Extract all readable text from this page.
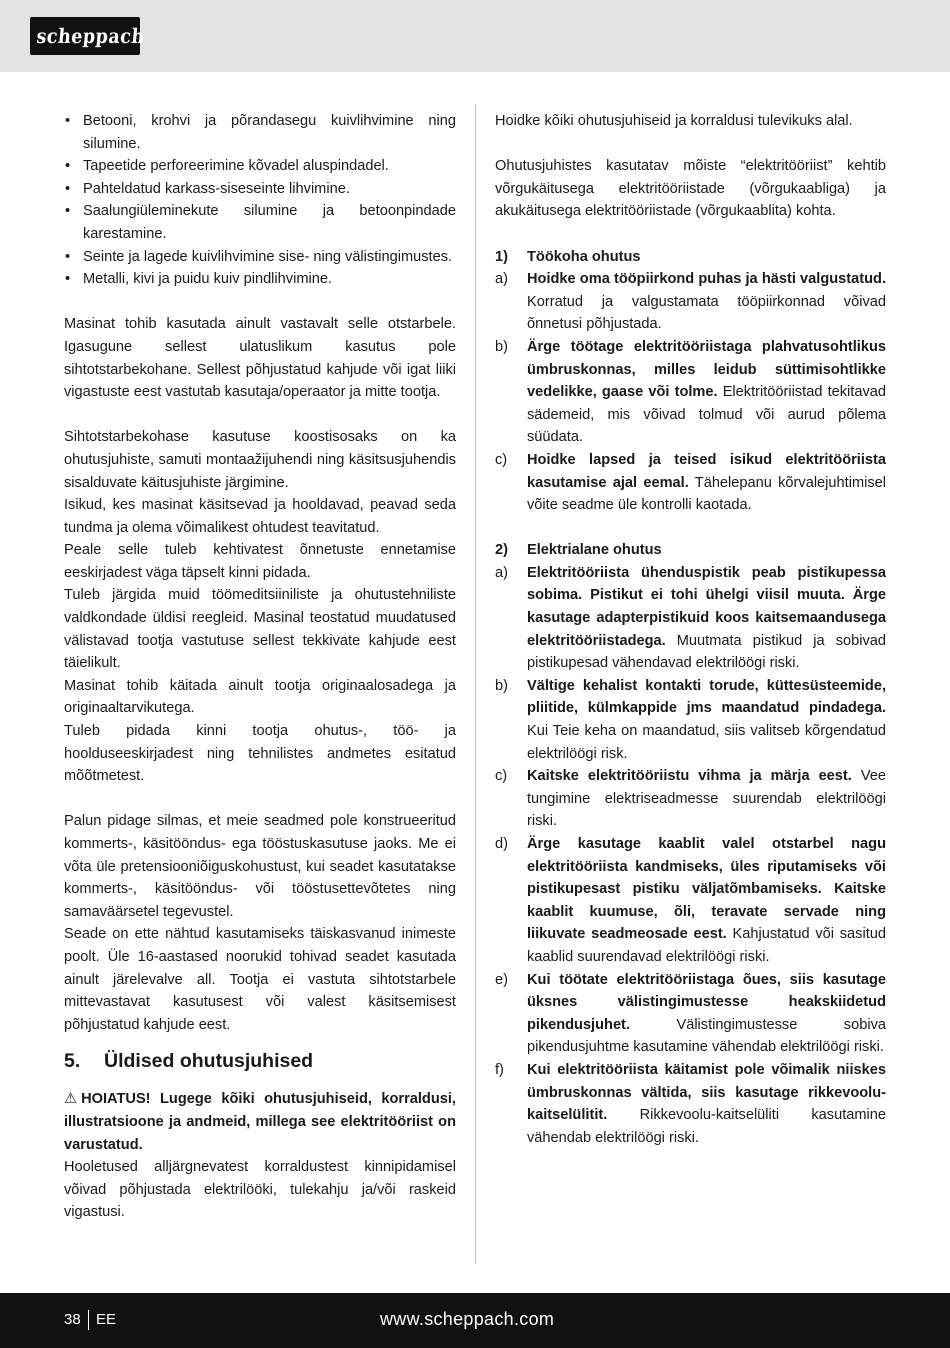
scheppach
• Betooni, krohvi ja põrandasegu kuivlihvimine ning silumine.
• Tapeetide perforeerimine kõvadel aluspindadel.
• Pahteldatud karkass-siseseinte lihvimine.
• Saalungiüleminekute silumine ja betoonpindade karestamine.
• Seinte ja lagede kuivlihvimine sise- ning välistingimustes.
• Metalli, kivi ja puidu kuiv pindlihvimine.

Masinat tohib kasutada ainult vastavalt selle otstarbele. Igasugune sellest ulatuslikum kasutus pole sihtotstarbekohane. Sellest põhjustatud kahjude või igat liiki vigastuste eest vastutab kasutaja/operaator ja mitte tootja.

Sihtotstarbekohase kasutuse koostisosaks on ka ohutusjuhiste, samuti montaažijuhendi ning käsitsusjuhendis sisalduvate käitusjuhiste järgimine.

Isikud, kes masinat käsitsevad ja hooldavad, peavad seda tundma ja olema võimalikest ohtudest teavitatud.

Peale selle tuleb kehtivatest õnnetuste ennetamise eeskirjadest väga täpselt kinni pidada.

Tuleb järgida muid töömeditsiiniliste ja ohutustehniliste valdkondade üldisi reegleid. Masinal teostatud muudatused välistavad tootja vastutuse sellest tekkivate kahjude eest täielikult.

Masinat tohib käitada ainult tootja originaalosadega ja originaaltarvikutega.

Tuleb pidada kinni tootja ohutus-, töö- ja hoolduseeskirjadest ning tehnilistes andmetes esitatud mõõtmetest.

Palun pidage silmas, et meie seadmed pole konstrueeritud kommerts-, käsitööndus- ega tööstuskasutuse jaoks. Me ei võta üle pretensiooniõiguskohustust, kui seadet kasutatakse kommerts-, käsitööndus- või tööstusettevõtetes ning samaväärsetel tegevustel.

Seade on ette nähtud kasutamiseks täiskasvanud inimeste poolt. Üle 16-aastased noorukid tohivad seadet kasutada ainult järelevalve all. Tootja ei vastuta sihtotstarbele mittevastavat kasutusest või valest käsitsemisest põhjustatud kahjude eest.

5.	Üldised ohutusjuhised

⚠ HOIATUS! Lugege kõiki ohutusjuhiseid, korraldusi, illustratsioone ja andmeid, millega see elektritööriist on varustatud.

Hooletused alljärgnevatest korraldustest kinnipidamisel võivad põhjustada elektrilööki, tulekahju ja/või raskeid vigastusi.

Hoidke kõiki ohutusjuhiseid ja korraldusi tulevikuks alal.

Ohutusjuhistes kasutatav mõiste “elektritööriist” kehtib võrgukäitusega elektritööriistade (võrgukaabliga) ja akukäitusega elektritööriistade (võrgukaablita) kohta.

1)	Töökoha ohutus
a)	Hoidke oma tööpiirkond puhas ja hästi valgustatud. Korratud ja valgustamata tööpiirkonnad võivad õnnetusi põhjustada.
b)	Ärge töötage elektritööriistaga plahvatusohtlikus ümbruskonnas, milles leidub süttimisohtlikke vedelikke, gaase või tolme. Elektritööriistad tekitavad sädemeid, mis võivad tolmud või aurud põlema süüdata.
c)	Hoidke lapsed ja teised isikud elektritööriista kasutamise ajal eemal. Tähelepanu kõrvalejuhtimisel võite seadme üle kontrolli kaotada.
2)	Elektrialane ohutus
a)	Elektritööriista ühenduspistik peab pistikupessa sobima. Pistikut ei tohi ühelgi viisil muuta. Ärge kasutage adapterpistikuid koos kaitsemaandusega elektritööriistadega. Muutmata pistikud ja sobivad pistikupesad vähendavad elektrilöögi riski.
b)	Vältige kehalist kontakti torude, küttesüsteemide, pliitide, külmkappide jms maandatud pindadega. Kui Teie keha on maandatud, siis valitseb kõrgendatud elektrilöögi risk.
c)	Kaitske elektritööriistu vihma ja märja eest. Vee tungimine elektriseadmesse suurendab elektrilöögi riski.
d)	Ärge kasutage kaablit valel otstarbel nagu elektritööriista kandmiseks, üles riputamiseks või pistikupesast pistiku väljatõmbamiseks. Kaitske kaablit kuumuse, õli, teravate servade ning liikuvate seadmeosade eest. Kahjustatud või sasitud kaablid suurendavad elektrilöögi riski.
e)	Kui töötate elektritööriistaga õues, siis kasutage üksnes välistingimustesse heakskiidetud pikendusjuhet. Välistingimustesse sobiva pikendusjuhtme kasutamine vähendab elektrilöögi riski.
f)	Kui elektritööriista käitamist pole võimalik niiskes ümbruskonnas vältida, siis kasutage rikkevoolu-kaitselülitit. Rikkevoolu-kaitselüliti kasutamine vähendab elektrilöögi riski.
38 EE	www.scheppach.com
